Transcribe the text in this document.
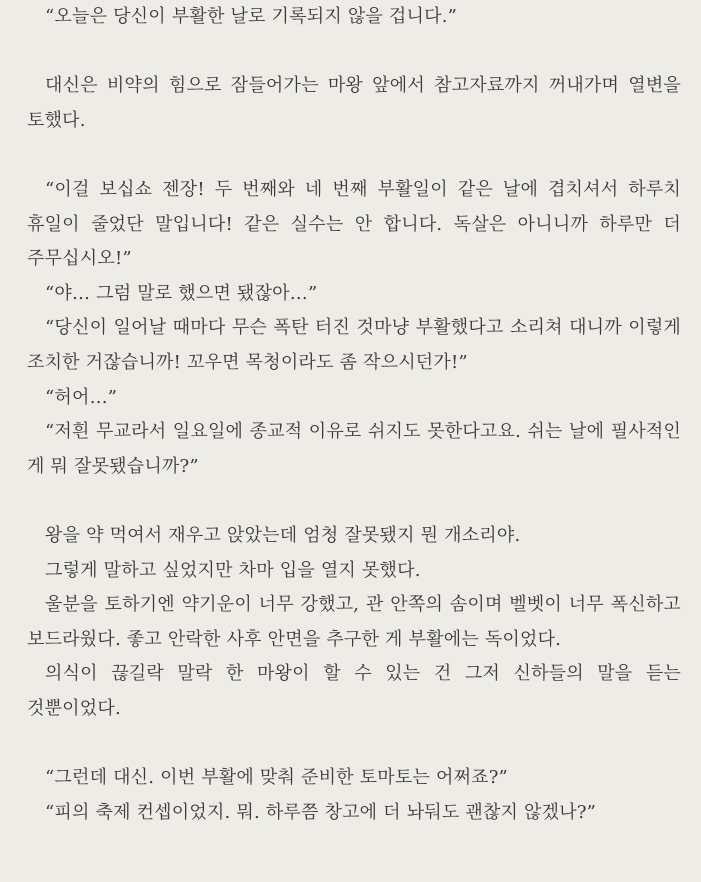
“오늘은 당신이 부활한 날로 기록되지 않을 겁니다.”

대신은 비약의 힘으로 잠들어가는 마왕 앞에서 참고자료까지 꺼내가며 열변을 토했다.

“이걸 보십쇼 젠장! 두 번째와 네 번째 부활일이 같은 날에 겹치셔서 하루치 휴일이 줄었단 말입니다! 같은 실수는 안 합니다. 독살은 아니니까 하루만 더 주무십시오!”

“야… 그럼 말로 했으면 됐잖아…”

“당신이 일어날 때마다 무슨 폭탄 터진 것마냥 부활했다고 소리쳐 대니까 이렇게 조치한 거잖습니까! 꼬우면 목청이라도 좀 작으시던가!”

“허어…”

“저흰 무교라서 일요일에 종교적 이유로 쉬지도 못한다고요. 쉬는 날에 필사적인 게 뭐 잘못됐습니까?”

왕을 약 먹여서 재우고 앉았는데 엄청 잘못됐지 뭔 개소리야.

그렇게 말하고 싶었지만 차마 입을 열지 못했다.

울분을 토하기엔 약기운이 너무 강했고, 관 안쪽의 솜이며 벨벳이 너무 폭신하고 보드라웠다. 좋고 안락한 사후 안면을 추구한 게 부활에는 독이었다.

의식이 끊길락 말락 한 마왕이 할 수 있는 건 그저 신하들의 말을 듣는 것뿐이었다.

“그런데 대신. 이번 부활에 맞춰 준비한 토마토는 어쩌죠?”

“피의 축제 컨셉이었지. 뭐. 하루쯤 창고에 더 놔둬도 괜찮지 않겠나?”
